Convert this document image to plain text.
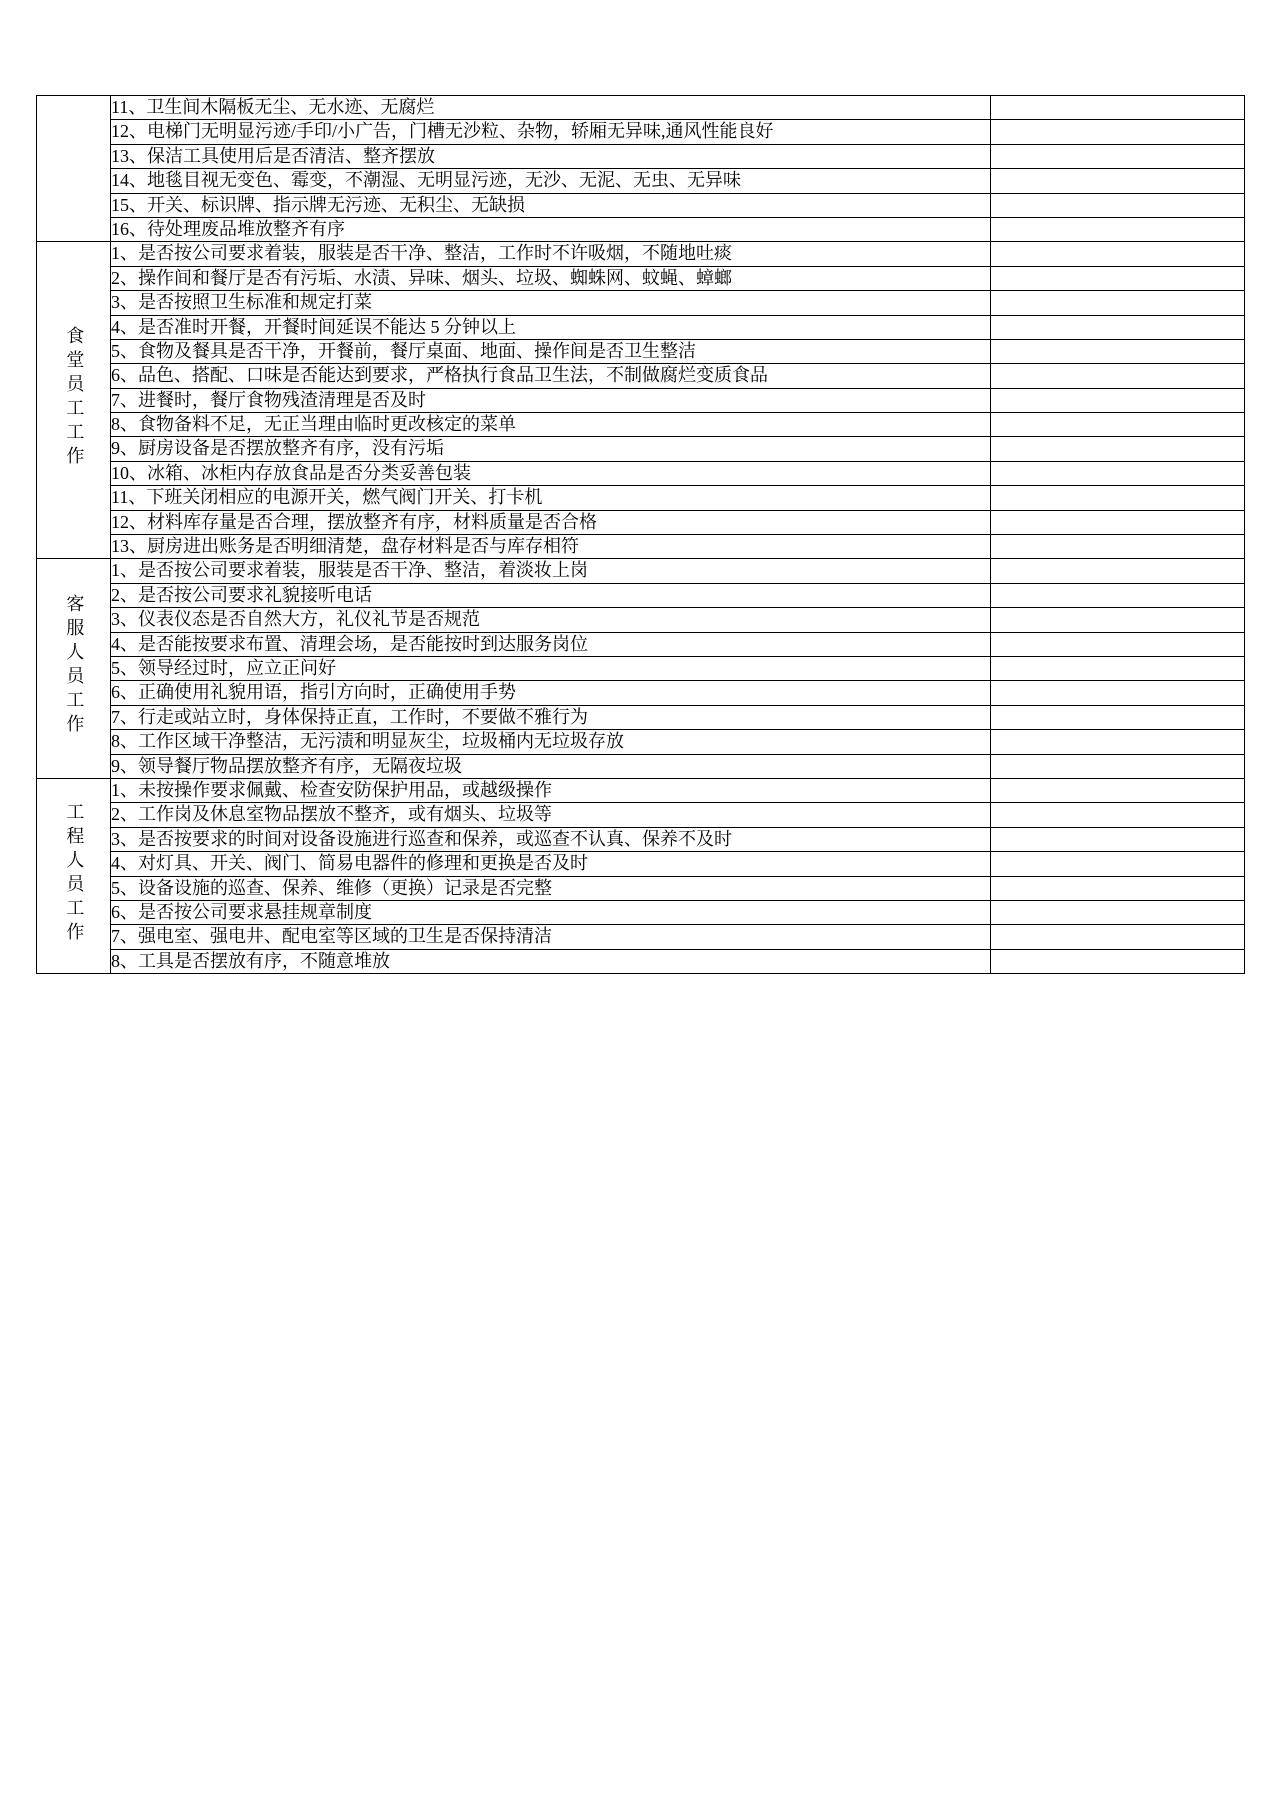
	11、卫生间木隔板无尘、无水迹、无腐烂	
	12、电梯门无明显污迹/手印/小广告，门槽无沙粒、杂物，轿厢无异味,通风性能良好	
	13、保洁工具使用后是否清洁、整齐摆放	
	14、地毯目视无变色、霉变，不潮湿、无明显污迹，无沙、无泥、无虫、无异味	
	15、开关、标识牌、指示牌无污迹、无积尘、无缺损	
	16、待处理废品堆放整齐有序	
食堂员工工作	1、是否按公司要求着装，服装是否干净、整洁，工作时不许吸烟，不随地吐痰	
	2、操作间和餐厅是否有污垢、水渍、异味、烟头、垃圾、蜘蛛网、蚊蝇、蟑螂	
	3、是否按照卫生标准和规定打菜	
	4、是否准时开餐，开餐时间延误不能达 5 分钟以上	
	5、食物及餐具是否干净，开餐前，餐厅桌面、地面、操作间是否卫生整洁	
	6、品色、搭配、口味是否能达到要求，严格执行食品卫生法，不制做腐烂变质食品	
	7、进餐时，餐厅食物残渣清理是否及时	
	8、食物备料不足，无正当理由临时更改核定的菜单	
	9、厨房设备是否摆放整齐有序，没有污垢	
	10、冰箱、冰柜内存放食品是否分类妥善包装	
	11、下班关闭相应的电源开关，燃气阀门开关、打卡机	
	12、材料库存量是否合理，摆放整齐有序，材料质量是否合格	
	13、厨房进出账务是否明细清楚，盘存材料是否与库存相符	
客服人员工作	1、是否按公司要求着装，服装是否干净、整洁，着淡妆上岗	
	2、是否按公司要求礼貌接听电话	
	3、仪表仪态是否自然大方，礼仪礼节是否规范	
	4、是否能按要求布置、清理会场，是否能按时到达服务岗位	
	5、领导经过时，应立正问好	
	6、正确使用礼貌用语，指引方向时，正确使用手势	
	7、行走或站立时，身体保持正直，工作时，不要做不雅行为	
	8、工作区域干净整洁，无污渍和明显灰尘，垃圾桶内无垃圾存放	
	9、领导餐厅物品摆放整齐有序，无隔夜垃圾	
工程人员工作	1、未按操作要求佩戴、检查安防保护用品，或越级操作	
	2、工作岗及休息室物品摆放不整齐，或有烟头、垃圾等	
	3、是否按要求的时间对设备设施进行巡查和保养，或巡查不认真、保养不及时	
	4、对灯具、开关、阀门、简易电器件的修理和更换是否及时	
	5、设备设施的巡查、保养、维修（更换）记录是否完整	
	6、是否按公司要求悬挂规章制度	
	7、强电室、强电井、配电室等区域的卫生是否保持清洁	
	8、工具是否摆放有序，不随意堆放	
